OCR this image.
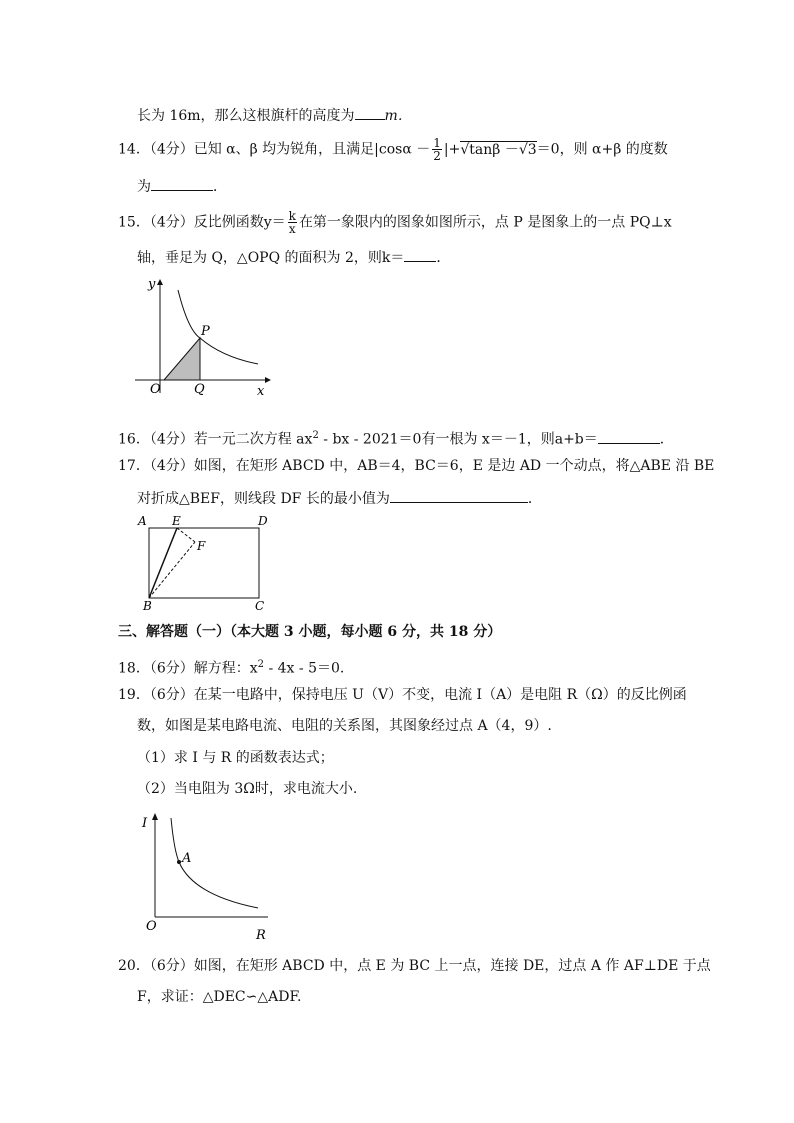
长为 16m，那么这根旗杆的高度为 m．
14．（4分）已知 α、β 均为锐角，且满足$|\cos\alpha - \frac{1}{2} |+√\tan\beta -√3=0$，则 α+β 的度数
为	．
15．（4分）反比例函数$y= \frac{k}{x}$ 在第一象限内的图象如图所示，点 P 是图象上的一点 PQ⊥x
轴，垂足为 Q，△OPQ 的面积为 2，则k＝ ．
y
x
O	Q
P
16．（4分）若一元二次方程 $ax^2$ - bx - 2021＝0有一根为 x＝－1，则a+b＝	．
17．（4分）如图，在矩形 ABCD 中，AB＝4，BC＝6，E 是边 AD 一个动点，将△ABE 沿 BE
对折成△BEF，则线段 DF 长的最小值为	．
A E	D
F
B	C
三、解答题（一）（本大题 3 小题，每小题 6 分，共 18 分）
18．（6分）解方程：$x^2 - 4x - 5=0$.
19．（6分）在某一电路中，保持电压 U（V）不变，电流 I（A）是电阻 R（Ω）的反比例函
数，如图是某电路电流、电阻的关系图，其图象经过点 A（4，9）.
（1）求 I 与 R 的函数表达式；
（2）当电阻为 3Ω时，求电流大小.
I
A
O
R
20．（6分）如图，在矩形 ABCD 中，点 E 为 BC 上一点，连接 DE，过点 A 作 AF⊥DE 于点
F，求证：△DEC∽△ADF.
